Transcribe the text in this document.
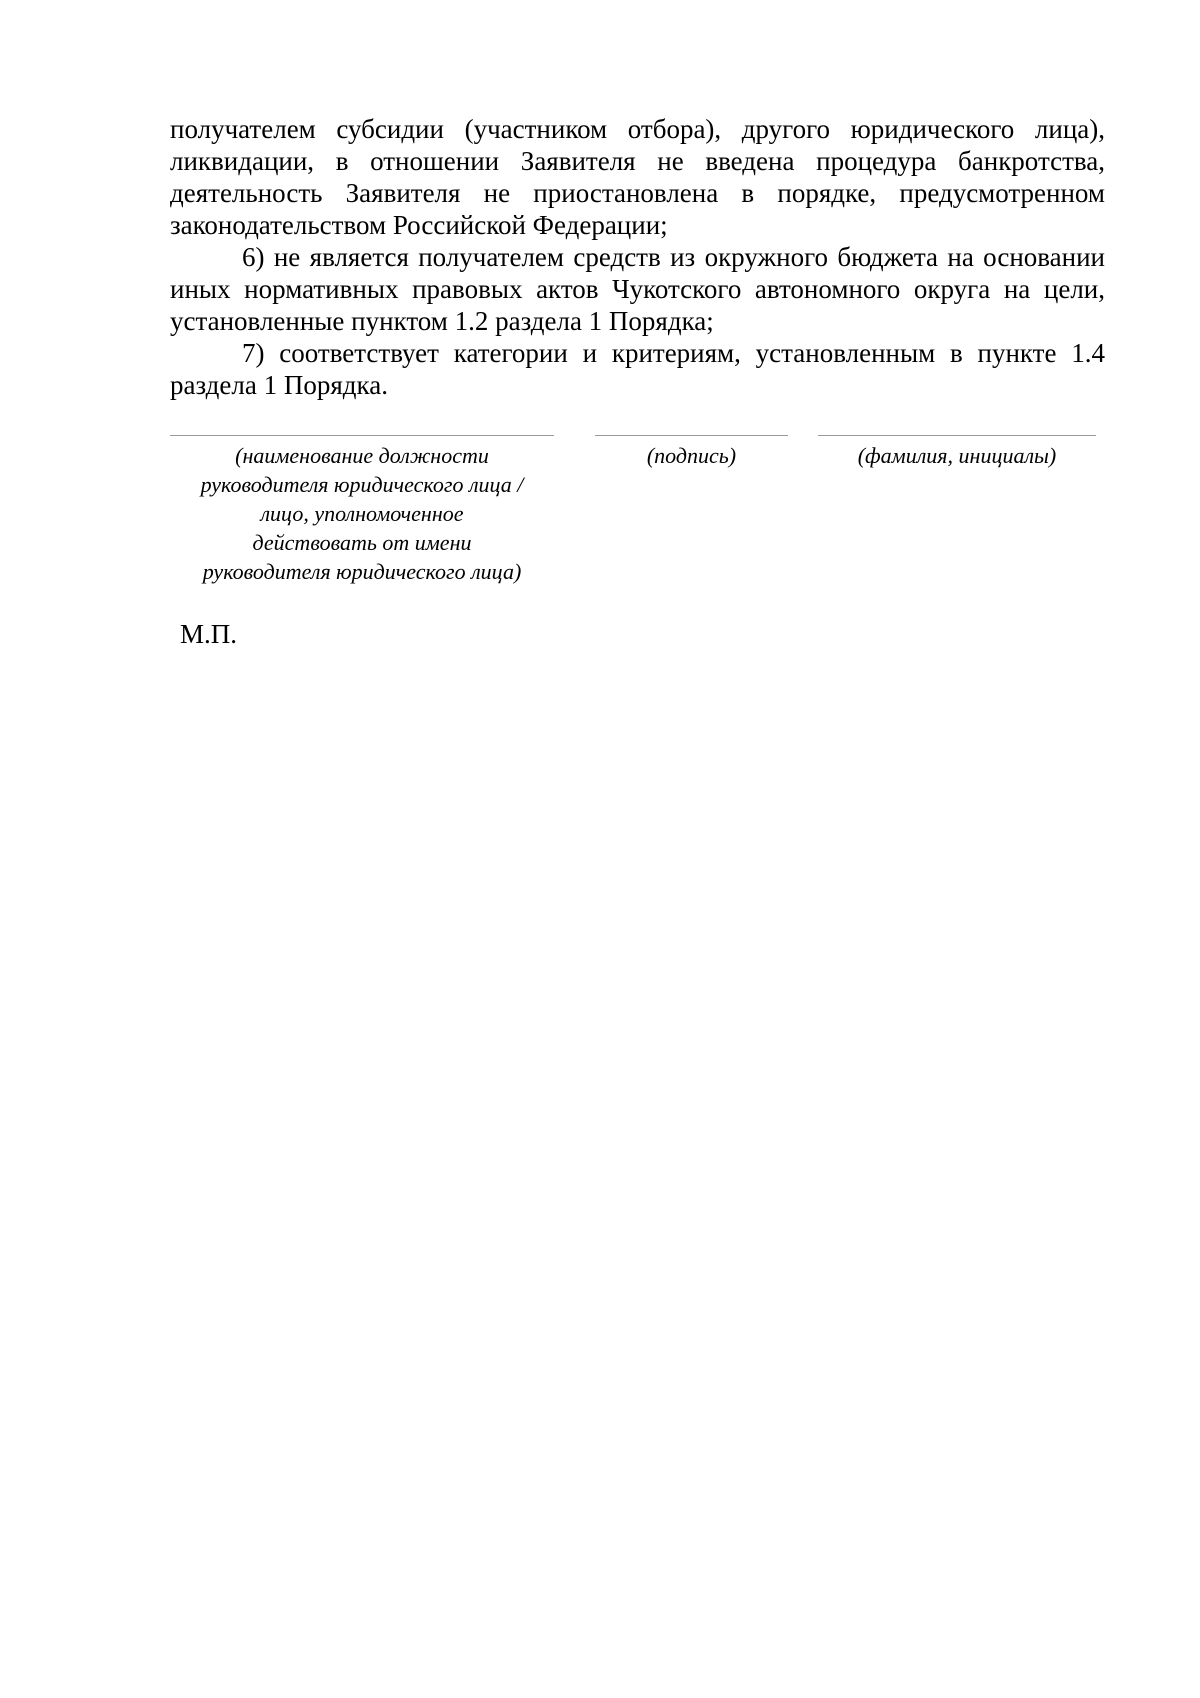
получателем субсидии (участником отбора), другого юридического лица), ликвидации, в отношении Заявителя не введена процедура банкротства, деятельность Заявителя не приостановлена в порядке, предусмотренном законодательством Российской Федерации;

6) не является получателем средств из окружного бюджета на основании иных нормативных правовых актов Чукотского автономного округа на цели, установленные пунктом 1.2 раздела 1 Порядка;

7) соответствует категории и критериям, установленным в пункте 1.4 раздела 1 Порядка.

(наименование должности
руководителя юридического лица /
лицо, уполномоченное
действовать от имени
руководителя юридического лица)
(подпись)	(фамилия, инициалы)
М.П.
